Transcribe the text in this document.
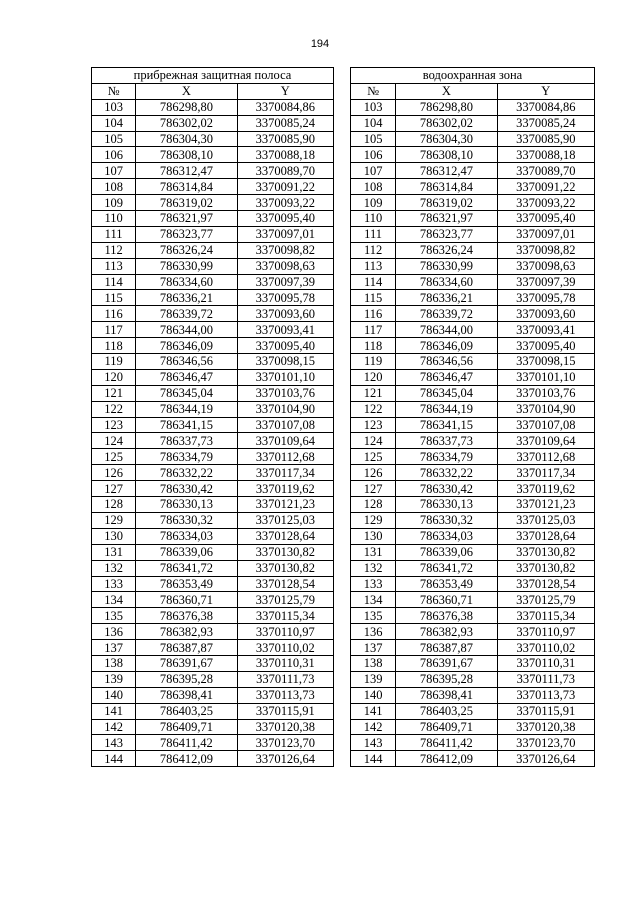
194
прибрежная защитная полоса		
№	X	Y
103	786298,80	3370084,86
104	786302,02	3370085,24
105	786304,30	3370085,90
106	786308,10	3370088,18
107	786312,47	3370089,70
108	786314,84	3370091,22
109	786319,02	3370093,22
110	786321,97	3370095,40
111	786323,77	3370097,01
112	786326,24	3370098,82
113	786330,99	3370098,63
114	786334,60	3370097,39
115	786336,21	3370095,78
116	786339,72	3370093,60
117	786344,00	3370093,41
118	786346,09	3370095,40
119	786346,56	3370098,15
120	786346,47	3370101,10
121	786345,04	3370103,76
122	786344,19	3370104,90
123	786341,15	3370107,08
124	786337,73	3370109,64
125	786334,79	3370112,68
126	786332,22	3370117,34
127	786330,42	3370119,62
128	786330,13	3370121,23
129	786330,32	3370125,03
130	786334,03	3370128,64
131	786339,06	3370130,82
132	786341,72	3370130,82
133	786353,49	3370128,54
134	786360,71	3370125,79
135	786376,38	3370115,34
136	786382,93	3370110,97
137	786387,87	3370110,02
138	786391,67	3370110,31
139	786395,28	3370111,73
140	786398,41	3370113,73
141	786403,25	3370115,91
142	786409,71	3370120,38
143	786411,42	3370123,70
144	786412,09	3370126,64
водоохранная зона		
№	X	Y
103	786298,80	3370084,86
104	786302,02	3370085,24
105	786304,30	3370085,90
106	786308,10	3370088,18
107	786312,47	3370089,70
108	786314,84	3370091,22
109	786319,02	3370093,22
110	786321,97	3370095,40
111	786323,77	3370097,01
112	786326,24	3370098,82
113	786330,99	3370098,63
114	786334,60	3370097,39
115	786336,21	3370095,78
116	786339,72	3370093,60
117	786344,00	3370093,41
118	786346,09	3370095,40
119	786346,56	3370098,15
120	786346,47	3370101,10
121	786345,04	3370103,76
122	786344,19	3370104,90
123	786341,15	3370107,08
124	786337,73	3370109,64
125	786334,79	3370112,68
126	786332,22	3370117,34
127	786330,42	3370119,62
128	786330,13	3370121,23
129	786330,32	3370125,03
130	786334,03	3370128,64
131	786339,06	3370130,82
132	786341,72	3370130,82
133	786353,49	3370128,54
134	786360,71	3370125,79
135	786376,38	3370115,34
136	786382,93	3370110,97
137	786387,87	3370110,02
138	786391,67	3370110,31
139	786395,28	3370111,73
140	786398,41	3370113,73
141	786403,25	3370115,91
142	786409,71	3370120,38
143	786411,42	3370123,70
144	786412,09	3370126,64
